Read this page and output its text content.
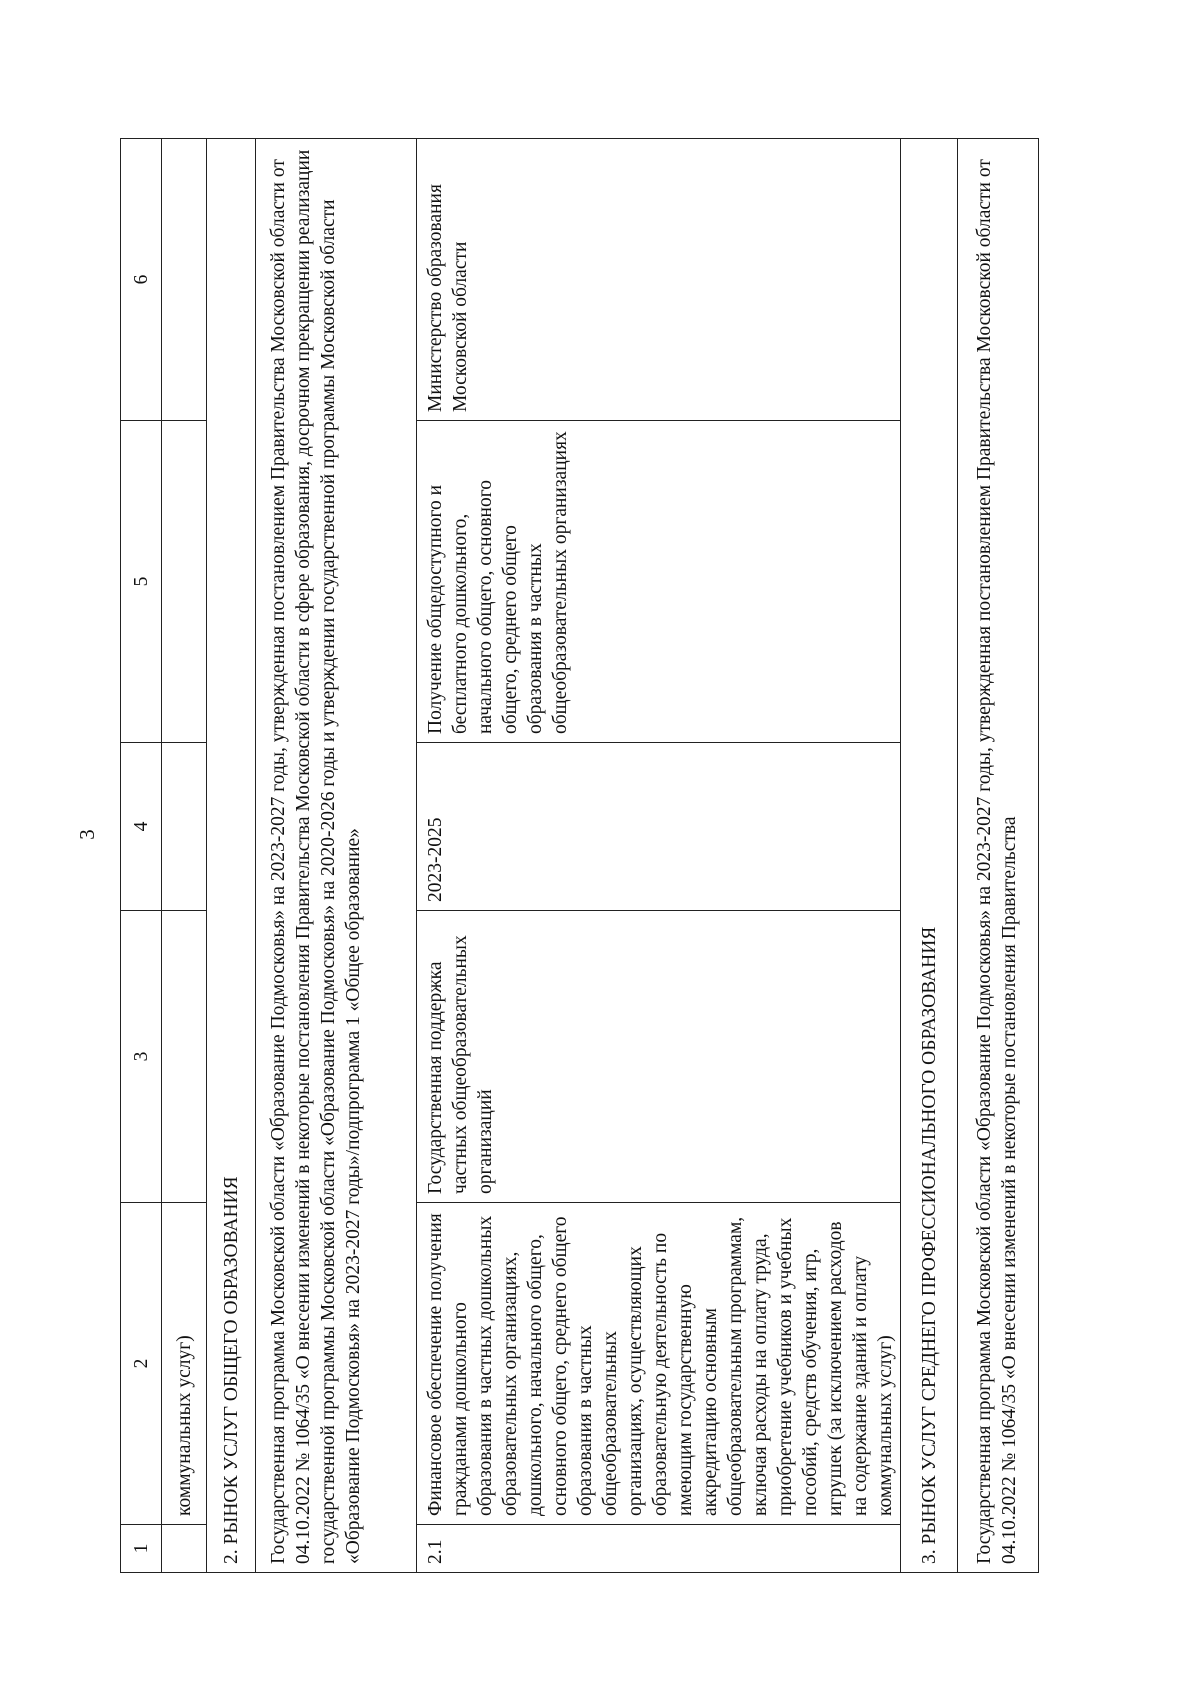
3
1	2	3	4	5	6
	коммунальных услуг)				
2. РЫНОК УСЛУГ ОБЩЕГО ОБРАЗОВАНИЯ					
Государственная программа Московской области «Образование Подмосковья» на 2023-2027 годы, утвержденная постановлением Правительства Московской области от 04.10.2022 № 1064/35 «О внесении изменений в некоторые постановления Правительства Московской области в сфере образования, досрочном прекращении реализации государственной программы Московской области «Образование Подмосковья» на 2020-2026 годы и утверждении государственной программы Московской области «Образование Подмосковья» на 2023-2027 годы»/подпрограмма 1 «Общее образование»					
2.1	Финансовое обеспечение получения гражданами дошкольного образования в частных дошкольных образовательных организациях, дошкольного, начального общего, основного общего, среднего общего образования в частных общеобразовательных организациях, осуществляющих образовательную деятельность по имеющим государственную аккредитацию основным общеобразовательным программам, включая расходы на оплату труда, приобретение учебников и учебных пособий, средств обучения, игр, игрушек (за исключением расходов на содержание зданий и оплату коммунальных услуг)	Государственная поддержка частных общеобразовательных организаций	2023-2025	Получение общедоступного и бесплатного дошкольного, начального общего, основного общего, среднего общего образования в частных общеобразовательных организациях	Министерство образования Московской области
3. РЫНОК УСЛУГ СРЕДНЕГО ПРОФЕССИОНАЛЬНОГО ОБРАЗОВАНИЯ					
Государственная программа Московской области «Образование Подмосковья» на 2023-2027 годы, утвержденная постановлением Правительства Московской области от 04.10.2022 № 1064/35 «О внесении изменений в некоторые постановления Правительства					
